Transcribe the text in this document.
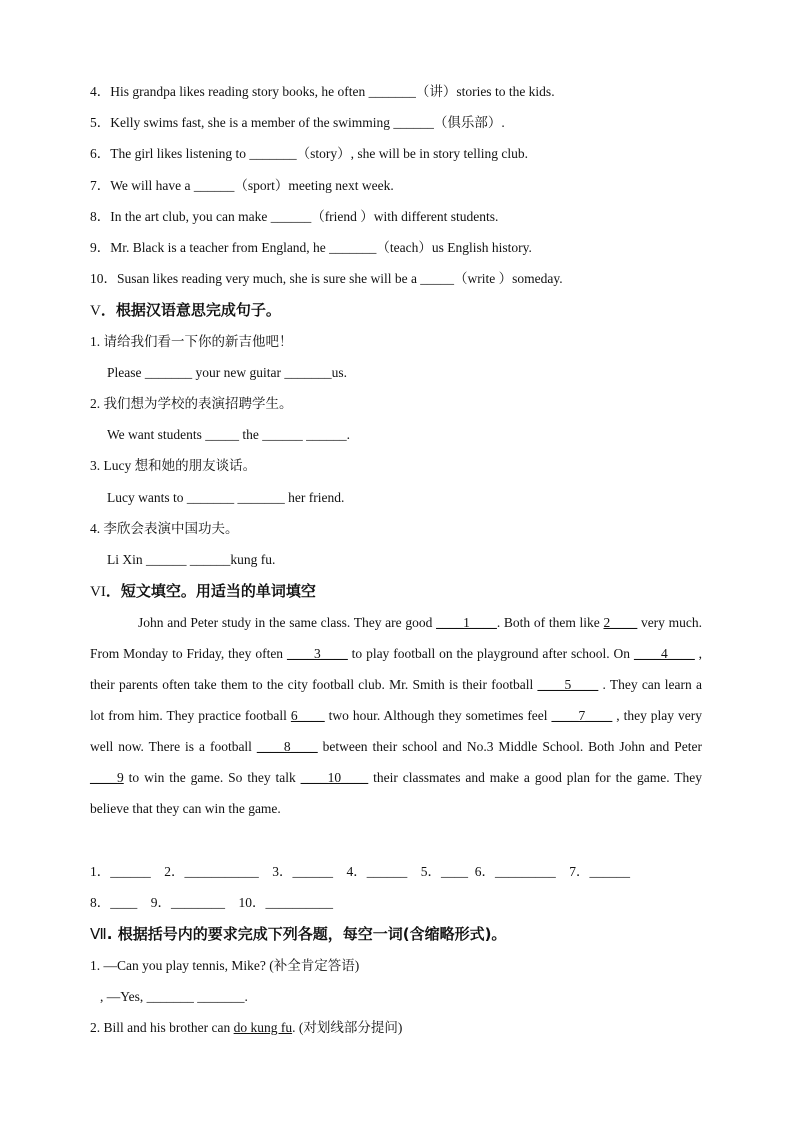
4．His grandpa likes reading story books, he often _______（讲）stories to the kids.
5．Kelly swims fast, she is a member of the swimming ______（俱乐部）.
6．The girl likes listening to _______（story）, she will be in story telling club.
7．We will have a ______（sport）meeting next week.
8．In the art club, you can make ______（friend ）with different students.
9．Mr. Black is a teacher from England, he _______（teach）us English history.
10．Susan likes reading very much, she is sure she will be a _____（write ）someday.
V．根据汉语意思完成句子。
1. 请给我们看一下你的新吉他吧！
Please _______ your new guitar _______us.
2. 我们想为学校的表演招聘学生。
We want students _____ the ______ ______.
3. Lucy 想和她的朋友谈话。
Lucy wants to _______ _______ her friend.
4. 李欣会表演中国功夫。
Li Xin ______ ______kung fu.
VI．短文填空。用适当的单词填空
John and Peter study in the same class. They are good ____1____. Both of them like 2____ very much. From Monday to Friday, they often ____3____ to play football on the playground after school. On ____4____ , their parents often take them to the city football club. Mr. Smith is their football ____5____ . They can learn a lot from him. They practice football 6____ two hour. Although they sometimes feel ____7____ , they play very well now. There is a football ____8____ between their school and No.3 Middle School. Both John and Peter ____9 to win the game. So they talk ____10____ their classmates and make a good plan for the game. They believe that they can win the game.
1．______    2．___________    3．______    4．______    5．____  6．_________    7．______
8．____    9．________    10．__________
Ⅶ. 根据括号内的要求完成下列各题，每空一词(含缩略形式)。
1. —Can you play tennis, Mike? (补全肯定答语)
, —Yes, _______ _______.
2. Bill and his brother can do kung fu. (对划线部分提问)
